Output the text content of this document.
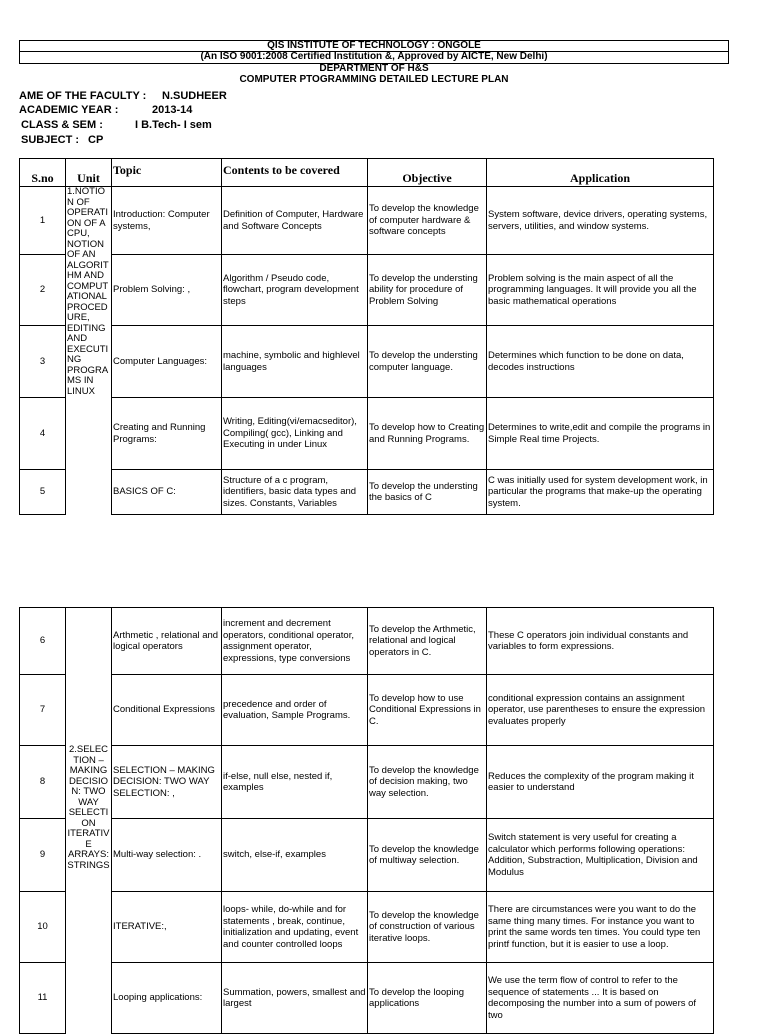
QIS INSTITUTE OF TECHNOLOGY : ONGOLE
(An ISO 9001:2008 Certified Institution &, Approved by AICTE, New Delhi)
DEPARTMENT OF H&S
COMPUTER PTOGRAMMING DETAILED LECTURE PLAN
AME OF THE FACULTY : N.SUDHEER
ACADEMIC YEAR :	2013-14
CLASS & SEM :	I B.Tech- I sem
SUBJECT : CP
S.no	Unit	Topic	Contents to be covered	Objective	Application
1	1.NOTIO N OF OPERATI ON OF A CPU, NOTION OF AN ALGORIT HM AND COMPUT ATIONAL PROCED URE, EDITING AND EXECUTI NG PROGRA MS IN LINUX	Introduction: Computer systems,	Definition of Computer, Hardware and Software Concepts	To develop the knowledge of computer hardware & software concepts	System software, device drivers, operating systems, servers, utilities, and window systems.
2		Problem Solving: ,	Algorithm / Pseudo code, flowchart, program development steps	To develop the understing ability for procedure of Problem Solving	Problem solving is the main aspect of all the programming languages. It will provide you all the basic mathematical operations
3		Computer Languages:	machine, symbolic and highlevel languages	To develop the understing computer language.	Determines which function to be done on data, decodes instructions
4		Creating and Running Programs:	Writing, Editing(vi/emacseditor), Compiling( gcc), Linking and Executing in under Linux	To develop how to Creating and Running Programs.	Determines to write,edit and compile the programs in Simple Real time Projects.
5		BASICS OF C:	Structure of a c program, identifiers, basic data types and sizes. Constants, Variables	To develop the understing the basics of C	C was initially used for system development work, in particular the programs that make-up the operating system.
6	2.SELEC TION – MAKING DECISIO N: TWO WAY SELECTI ON ITERATIV E ARRAYS: STRINGS	Arthmetic , relational and logical operators	increment and decrement operators, conditional operator, assignment operator, expressions, type conversions	To develop the Arthmetic, relational and logical operators in C.	These C operators join individual constants and variables to form expressions.
7		Conditional Expressions	precedence and order of evaluation, Sample Programs.	To develop how to use Conditional Expressions in C.	conditional expression contains an assignment operator, use parentheses to ensure the expression evaluates properly
8		SELECTION – MAKING DECISION: TWO WAY SELECTION: ,	if-else, null else, nested if, examples	To develop the knowledge of decision making, two way selection.	Reduces the complexity of the program making it easier to understand
9		Multi-way selection: .	switch, else-if, examples	To develop the knowledge of multiway selection.	Switch statement is very useful for creating a calculator which performs following operations: Addition, Substraction, Multiplication, Division and Modulus
10		ITERATIVE:,	loops- while, do-while and for statements , break, continue, initialization and updating, event and counter controlled loops	To develop the knowledge of construction of various iterative loops.	There are circumstances were you want to do the same thing many times. For instance you want to print the same words ten times. You could type ten printf function, but it is easier to use a loop.
11		Looping applications:	Summation, powers, smallest and largest	To develop the looping applications	We use the term flow of control to refer to the sequence of statements ... It is based on decomposing the number into a sum of powers of two
